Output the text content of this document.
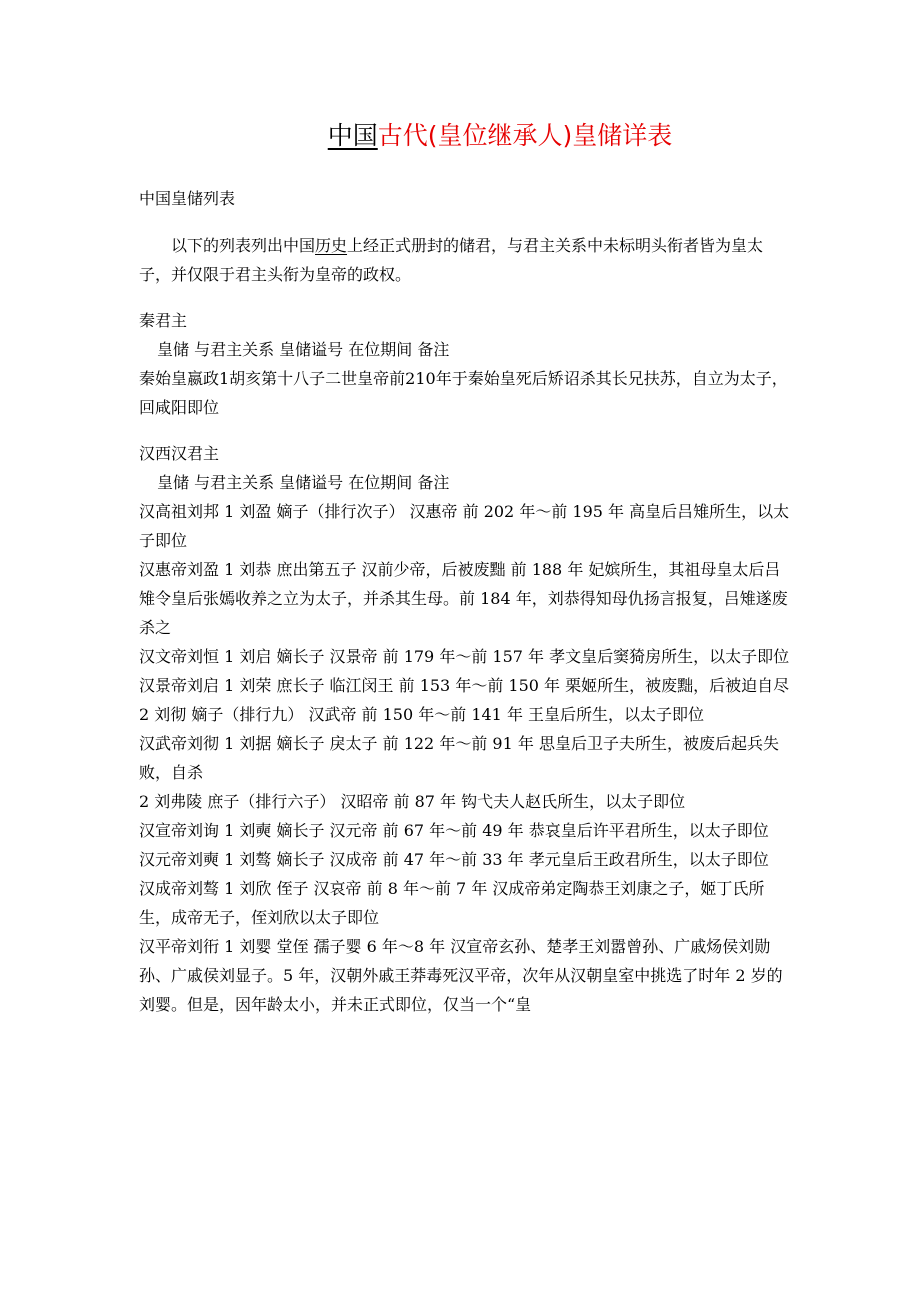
中国古代(皇位继承人)皇储详表

中国皇储列表

以下的列表列出中国历史上经正式册封的储君，与君主关系中未标明头衔者皆为皇太子，并仅限于君主头衔为皇帝的政权。

秦君主

皇储 与君主关系 皇储谥号 在位期间 备注

秦始皇嬴政1胡亥第十八子二世皇帝前210年于秦始皇死后矫诏杀其长兄扶苏，自立为太子，回咸阳即位

汉西汉君主

皇储 与君主关系 皇储谥号 在位期间 备注

汉高祖刘邦 1 刘盈 嫡子（排行次子） 汉惠帝 前 202 年～前 195 年 高皇后吕雉所生，以太子即位

汉惠帝刘盈 1 刘恭 庶出第五子 汉前少帝，后被废黜 前 188 年 妃嫔所生，其祖母皇太后吕雉令皇后张嫣收养之立为太子，并杀其生母。前 184 年，刘恭得知母仇扬言报复，吕雉遂废杀之

汉文帝刘恒 1 刘启 嫡长子 汉景帝 前 179 年～前 157 年 孝文皇后窦猗房所生，以太子即位

汉景帝刘启 1 刘荣 庶长子 临江闵王 前 153 年～前 150 年 栗姬所生，被废黜，后被迫自尽

2 刘彻 嫡子（排行九） 汉武帝 前 150 年～前 141 年 王皇后所生，以太子即位

汉武帝刘彻 1 刘据 嫡长子 戾太子 前 122 年～前 91 年 思皇后卫子夫所生，被废后起兵失败，自杀

2 刘弗陵 庶子（排行六子） 汉昭帝 前 87 年 钩弋夫人赵氏所生，以太子即位

汉宣帝刘询 1 刘奭 嫡长子 汉元帝 前 67 年～前 49 年 恭哀皇后许平君所生，以太子即位

汉元帝刘奭 1 刘骜 嫡长子 汉成帝 前 47 年～前 33 年 孝元皇后王政君所生，以太子即位

汉成帝刘骜 1 刘欣 侄子 汉哀帝 前 8 年～前 7 年 汉成帝弟定陶恭王刘康之子，姬丁氏所生，成帝无子，侄刘欣以太子即位

汉平帝刘衎 1 刘婴 堂侄 孺子婴 6 年～8 年 汉宣帝玄孙、楚孝王刘嚣曾孙、广戚炀侯刘勋孙、广戚侯刘显子。5 年，汉朝外戚王莽毒死汉平帝，次年从汉朝皇室中挑选了时年 2 岁的刘婴。但是，因年龄太小，并未正式即位，仅当一个“皇
